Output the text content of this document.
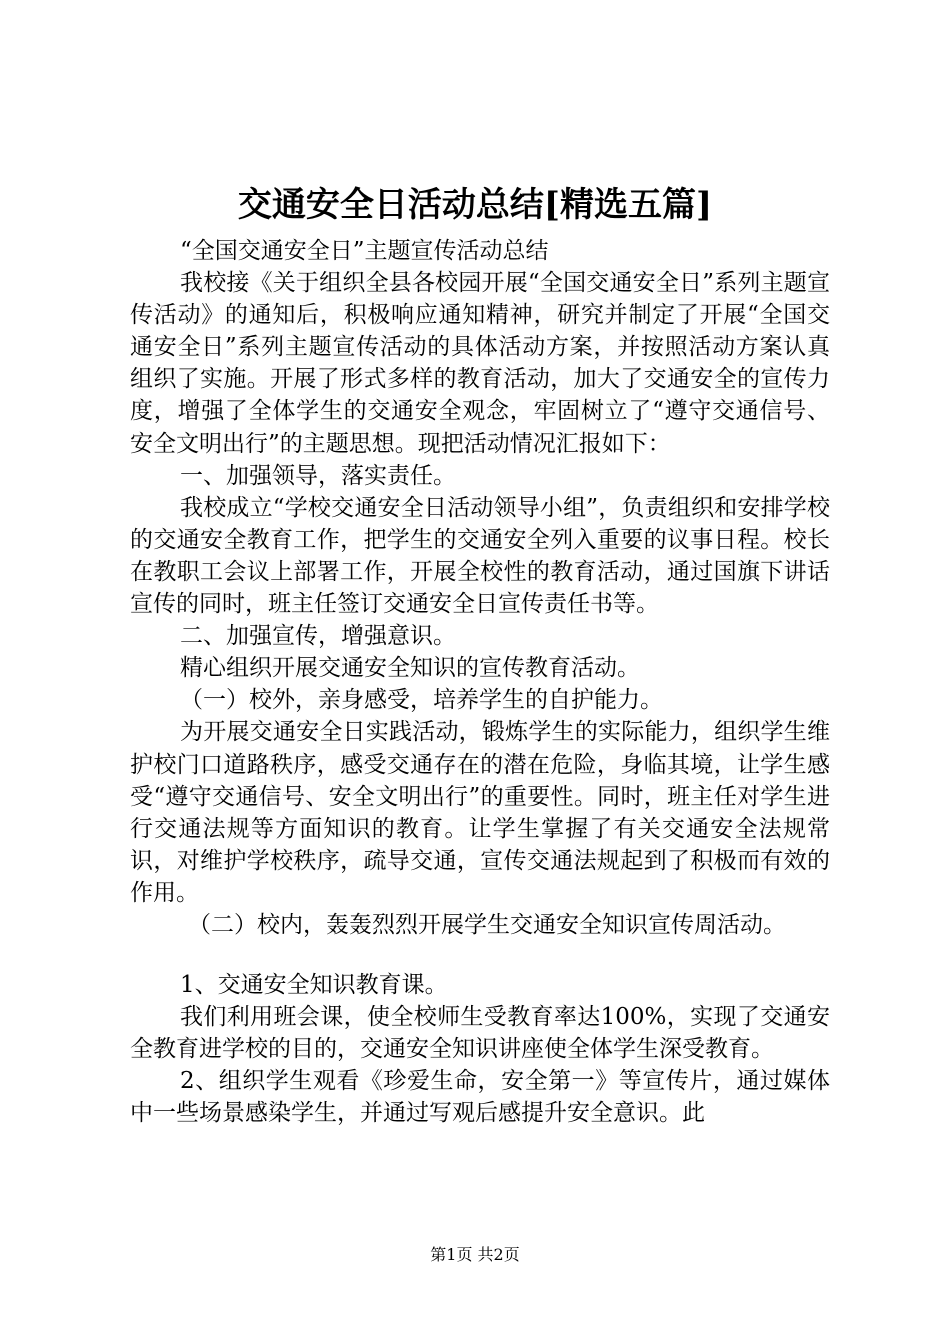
交通安全日活动总结[精选五篇]

“全国交通安全日”主题宣传活动总结

我校接《关于组织全县各校园开展“全国交通安全日”系列主题宣传活动》的通知后，积极响应通知精神，研究并制定了开展“全国交通安全日”系列主题宣传活动的具体活动方案，并按照活动方案认真组织了实施。开展了形式多样的教育活动，加大了交通安全的宣传力度，增强了全体学生的交通安全观念，牢固树立了“遵守交通信号、安全文明出行”的主题思想。现把活动情况汇报如下：

一、加强领导，落实责任。

我校成立“学校交通安全日活动领导小组”，负责组织和安排学校的交通安全教育工作，把学生的交通安全列入重要的议事日程。校长在教职工会议上部署工作，开展全校性的教育活动，通过国旗下讲话宣传的同时，班主任签订交通安全日宣传责任书等。

二、加强宣传，增强意识。

精心组织开展交通安全知识的宣传教育活动。

（一）校外，亲身感受，培养学生的自护能力。

为开展交通安全日实践活动，锻炼学生的实际能力，组织学生维护校门口道路秩序，感受交通存在的潜在危险，身临其境，让学生感受“遵守交通信号、安全文明出行”的重要性。同时，班主任对学生进行交通法规等方面知识的教育。让学生掌握了有关交通安全法规常识，对维护学校秩序，疏导交通，宣传交通法规起到了积极而有效的作用。

（二）校内，轰轰烈烈开展学生交通安全知识宣传周活动。

1、交通安全知识教育课。

我们利用班会课，使全校师生受教育率达100%，实现了交通安全教育进学校的目的，交通安全知识讲座使全体学生深受教育。

2、组织学生观看《珍爱生命，安全第一》等宣传片，通过媒体中一些场景感染学生，并通过写观后感提升安全意识。此

第1页 共2页
